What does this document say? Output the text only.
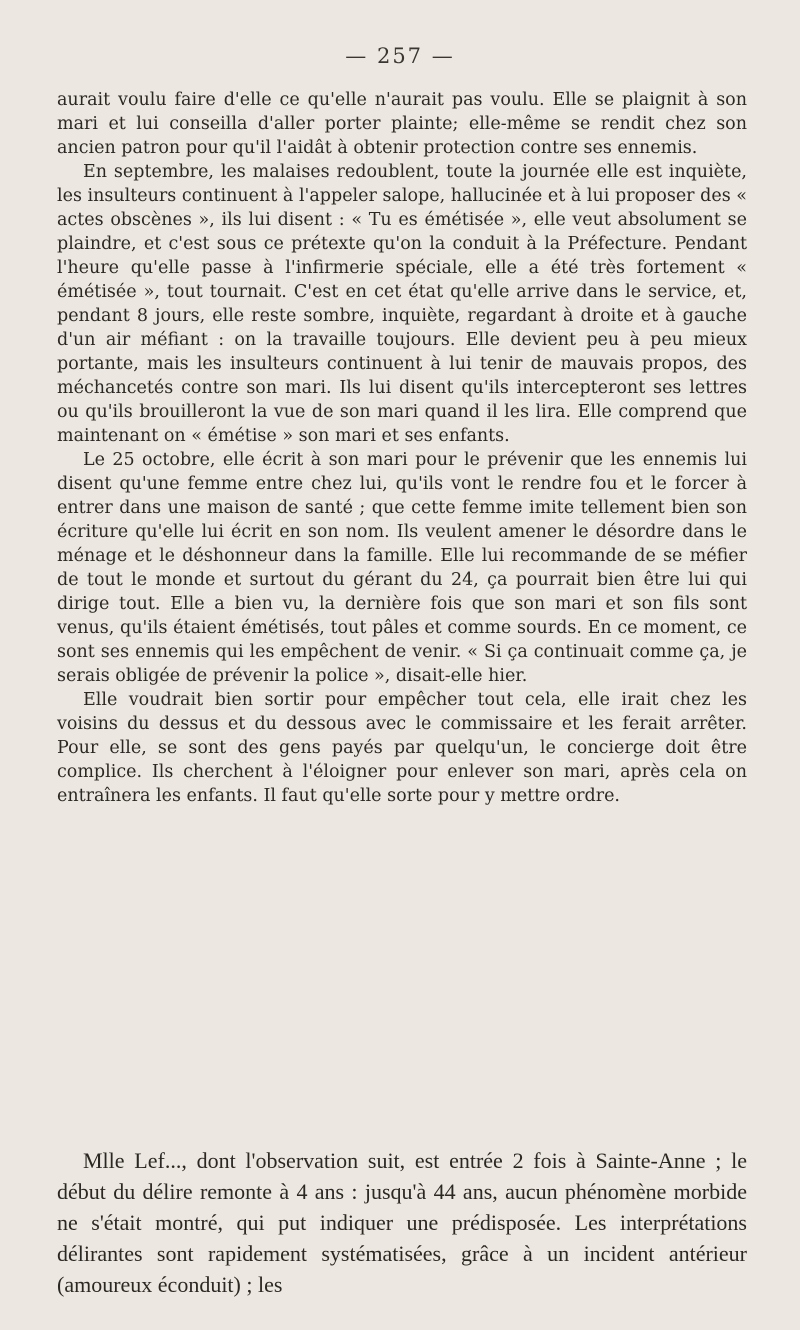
— 257 —

aurait voulu faire d'elle ce qu'elle n'aurait pas voulu. Elle se plaignit à son mari et lui conseilla d'aller porter plainte; elle-même se rendit chez son ancien patron pour qu'il l'aidât à obtenir protection contre ses ennemis.

En septembre, les malaises redoublent, toute la journée elle est inquiète, les insulteurs continuent à l'appeler salope, hallucinée et à lui proposer des « actes obscènes », ils lui disent : « Tu es émétisée », elle veut absolument se plaindre, et c'est sous ce prétexte qu'on la conduit à la Préfecture. Pendant l'heure qu'elle passe à l'infirmerie spéciale, elle a été très fortement « émétisée », tout tournait. C'est en cet état qu'elle arrive dans le service, et, pendant 8 jours, elle reste sombre, inquiète, regardant à droite et à gauche d'un air méfiant : on la travaille toujours. Elle devient peu à peu mieux portante, mais les insulteurs continuent à lui tenir de mauvais propos, des méchancetés contre son mari. Ils lui disent qu'ils intercepteront ses lettres ou qu'ils brouilleront la vue de son mari quand il les lira. Elle comprend que maintenant on « émétise » son mari et ses enfants.

Le 25 octobre, elle écrit à son mari pour le prévenir que les ennemis lui disent qu'une femme entre chez lui, qu'ils vont le rendre fou et le forcer à entrer dans une maison de santé ; que cette femme imite tellement bien son écriture qu'elle lui écrit en son nom. Ils veulent amener le désordre dans le ménage et le déshonneur dans la famille. Elle lui recommande de se méfier de tout le monde et surtout du gérant du 24, ça pourrait bien être lui qui dirige tout. Elle a bien vu, la dernière fois que son mari et son fils sont venus, qu'ils étaient émétisés, tout pâles et comme sourds. En ce moment, ce sont ses ennemis qui les empêchent de venir. « Si ça continuait comme ça, je serais obligée de prévenir la police », disait-elle hier.

Elle voudrait bien sortir pour empêcher tout cela, elle irait chez les voisins du dessus et du dessous avec le commissaire et les ferait arrêter. Pour elle, se sont des gens payés par quelqu'un, le concierge doit être complice. Ils cherchent à l'éloigner pour enlever son mari, après cela on entraînera les enfants. Il faut qu'elle sorte pour y mettre ordre.

Mlle Lef..., dont l'observation suit, est entrée 2 fois à Sainte-Anne ; le début du délire remonte à 4 ans : jusqu'à 44 ans, aucun phénomène morbide ne s'était montré, qui put indiquer une prédisposée. Les interprétations délirantes sont rapidement systématisées, grâce à un incident antérieur (amoureux éconduit) ; les
